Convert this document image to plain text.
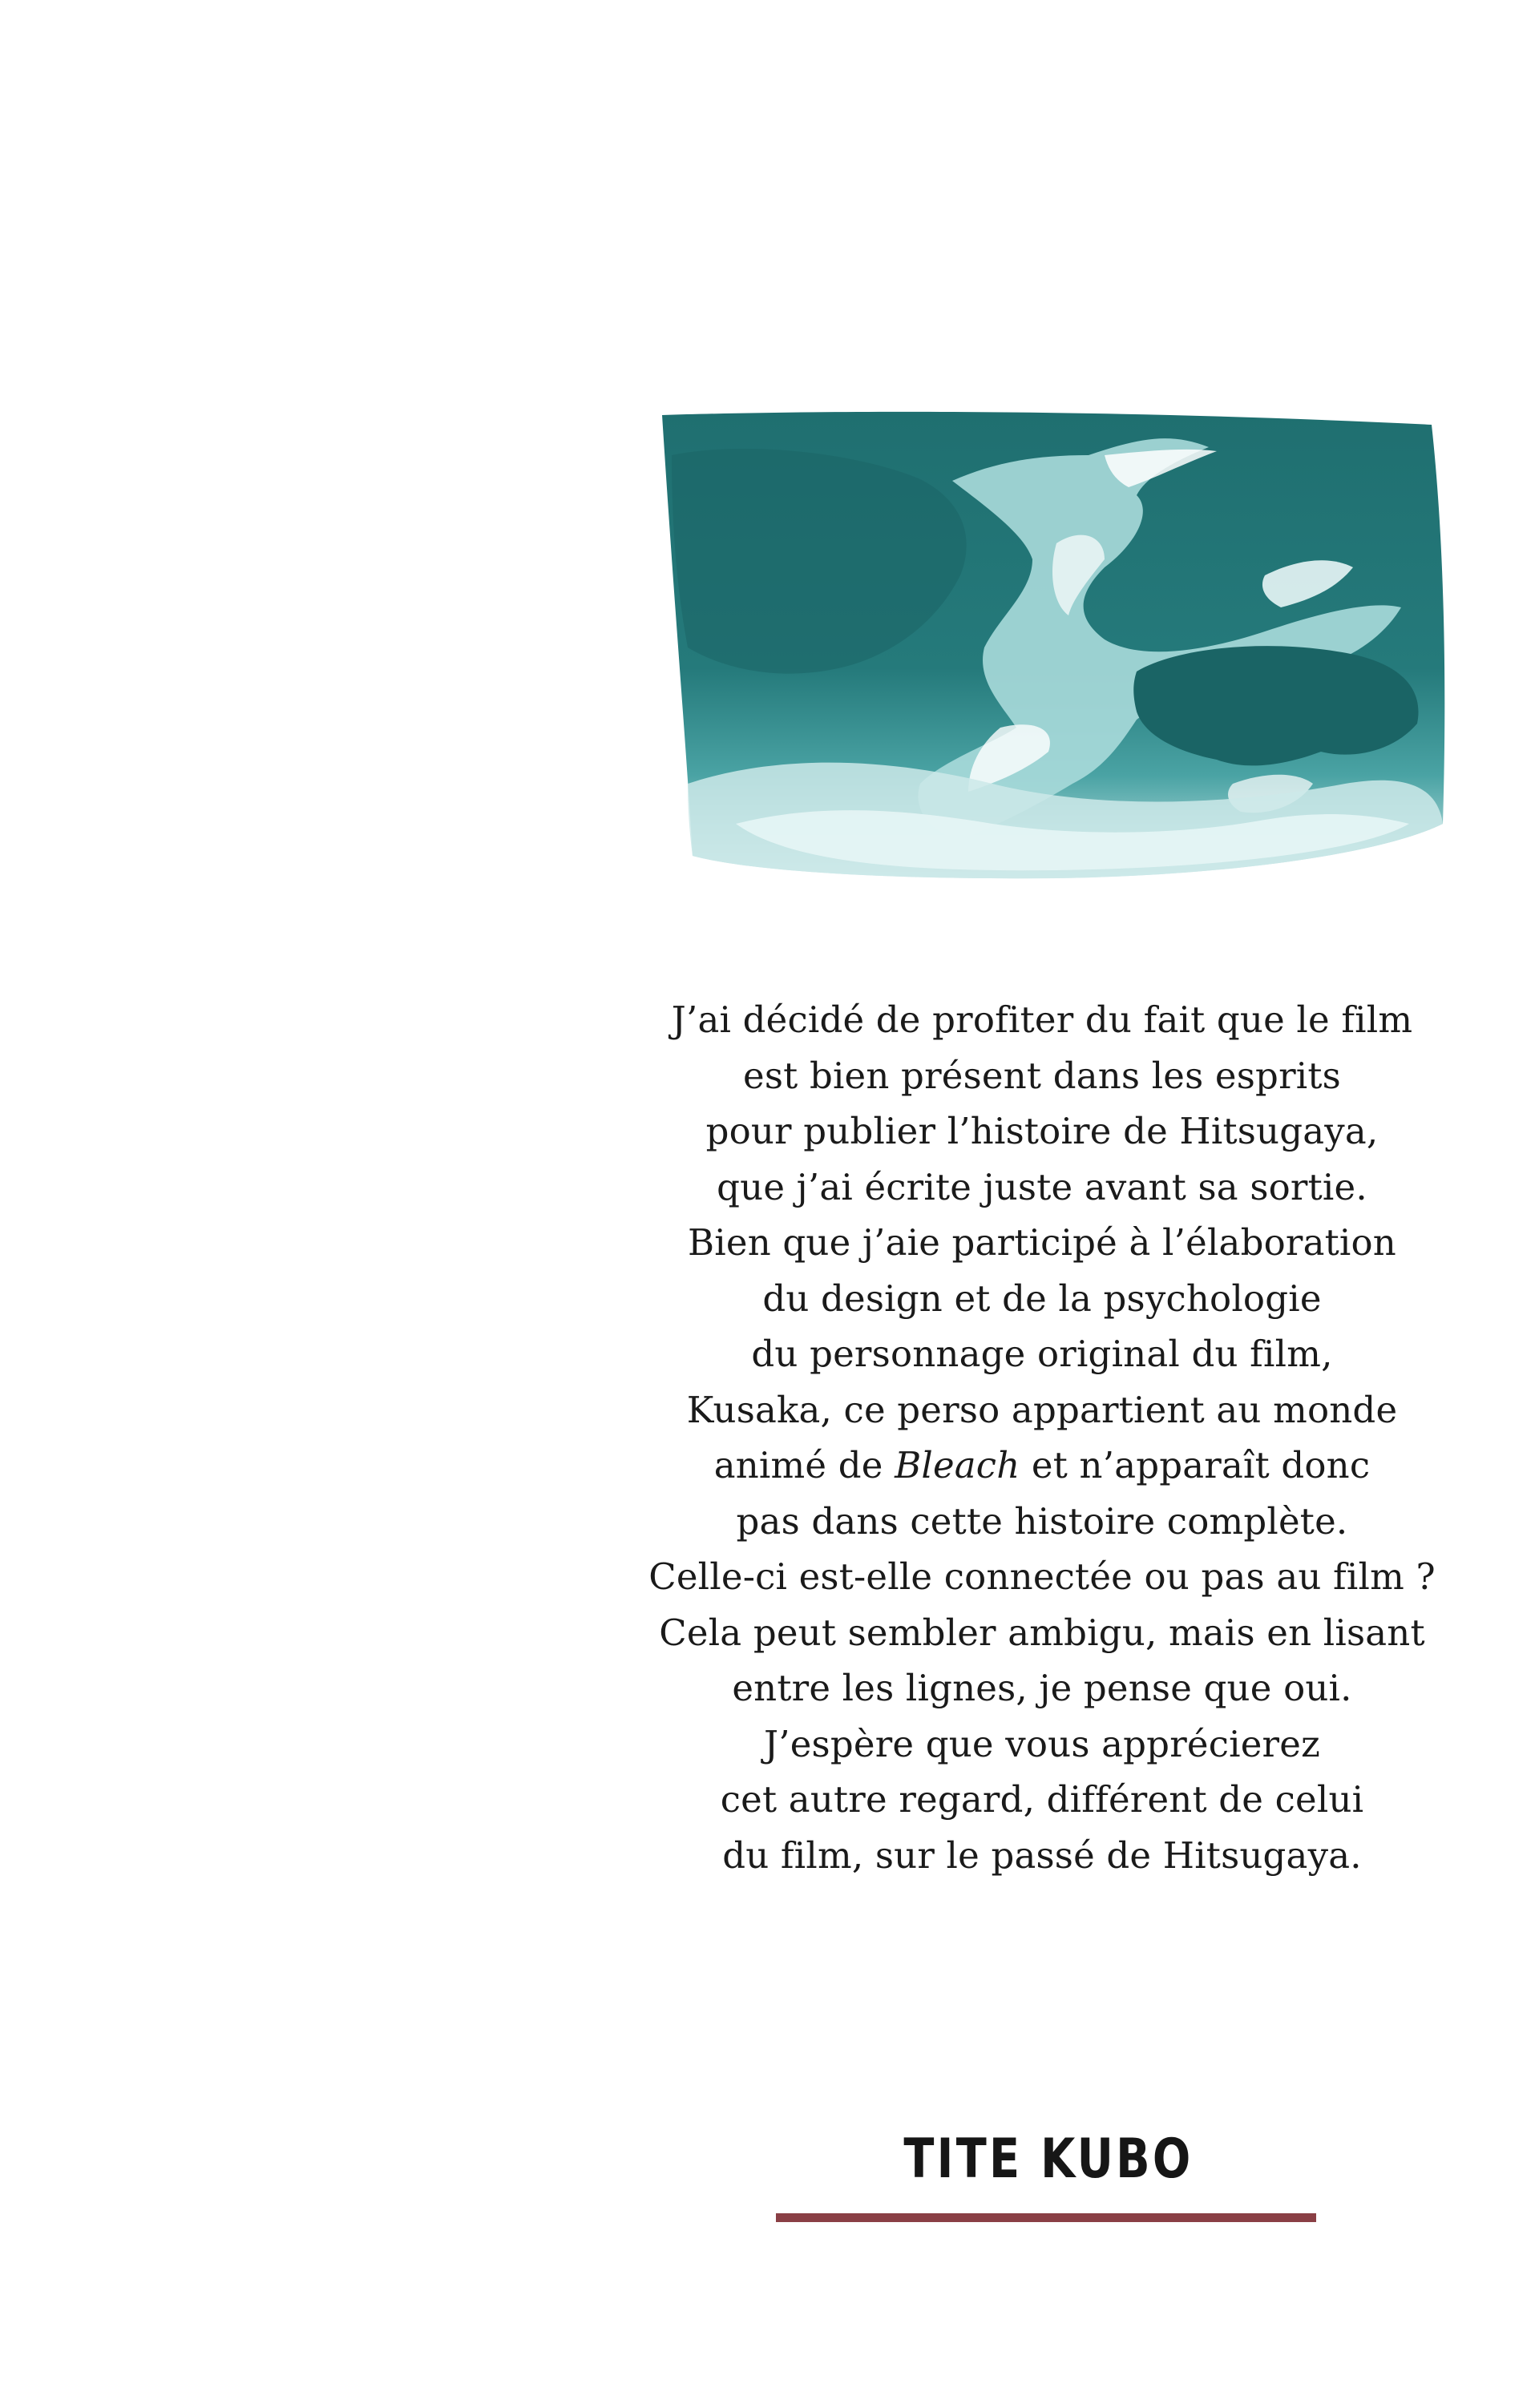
J’ai décidé de profiter du fait que le film
est bien présent dans les esprits
pour publier l’histoire de Hitsugaya,
que j’ai écrite juste avant sa sortie.
Bien que j’aie participé à l’élaboration
du design et de la psychologie
du personnage original du film,
Kusaka, ce perso appartient au monde
animé de Bleach et n’apparaît donc
pas dans cette histoire complète.
Celle-ci est-elle connectée ou pas au film ?
Cela peut sembler ambigu, mais en lisant
entre les lignes, je pense que oui.
J’espère que vous apprécierez
cet autre regard, différent de celui
du film, sur le passé de Hitsugaya.
TITE KUBO
